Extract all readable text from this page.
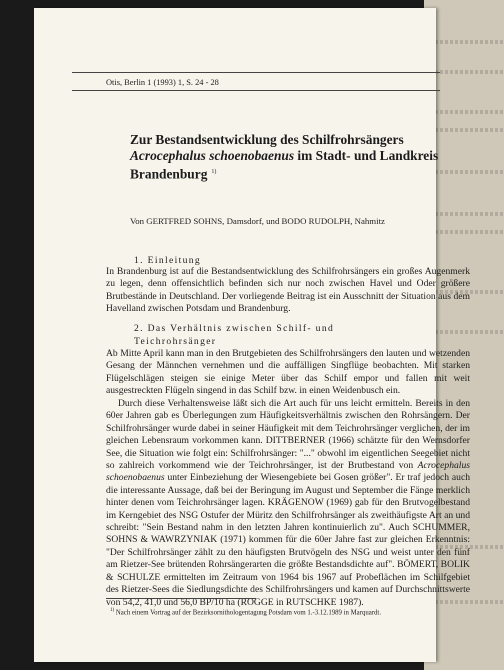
Otis, Berlin 1 (1993) 1, S. 24 - 28
Zur Bestandsentwicklung des Schilfrohrsängers
Acrocephalus schoenobaenus im Stadt- und Landkreis
Brandenburg $^{1)}$
Von GERTFRED SOHNS, Damsdorf, und BODO RUDOLPH, Nahmitz
1. Einleitung
In Brandenburg ist auf die Bestandsentwicklung des Schilfrohrsängers ein großes Augenmerk zu legen, denn offensichtlich befinden sich nur noch zwischen Havel und Oder größere Brutbestände in Deutschland. Der vorliegende Beitrag ist ein Ausschnitt der Situation aus dem Havelland zwischen Potsdam und Brandenburg.
2. Das Verhältnis zwischen Schilf- und Teichrohrsänger
Ab Mitte April kann man in den Brutgebieten des Schilfrohrsängers den lauten und wetzenden Gesang der Männchen vernehmen und die auffälligen Singflüge beobachten. Mit starken Flügelschlägen steigen sie einige Meter über das Schilf empor und fallen mit weit ausgestreckten Flügeln singend in das Schilf bzw. in einen Weidenbusch ein.
Durch diese Verhaltensweise läßt sich die Art auch für uns leicht ermitteln. Bereits in den 60er Jahren gab es Überlegungen zum Häufigkeitsverhältnis zwischen den Rohrsängern. Der Schilfrohrsänger wurde dabei in seiner Häufigkeit mit dem Teichrohrsänger verglichen, der im gleichen Lebensraum vorkommen kann. DITTBERNER (1966) schätzte für den Wernsdorfer See, die Situation wie folgt ein: Schilfrohrsänger: "..." obwohl im eigentlichen Seegebiet nicht so zahlreich vorkommend wie der Teichrohrsänger, ist der Brutbestand von Acrocephalus schoenobaenus unter Einbeziehung der Wiesengebiete bei Gosen größer". Er traf jedoch auch die interessante Aussage, daß bei der Beringung im August und September die Fänge merklich hinter denen vom Teichrohrsänger lagen. KRÄGENOW (1969) gab für den Brutvogelbestand im Kerngebiet des NSG Ostufer der Müritz den Schilfrohrsänger als zweithäufigste Art an und schreibt: "Sein Bestand nahm in den letzten Jahren kontinuierlich zu". Auch SCHUMMER, SOHNS & WAWRZYNIAK (1971) kommen für die 60er Jahre fast zur gleichen Erkenntnis: "Der Schilfrohrsänger zählt zu den häufigsten Brutvögeln des NSG und weist unter den fünf am Rietzer-See brütenden Rohrsängerarten die größte Bestandsdichte auf". BÖMERT, BOLIK & SCHULZE ermittelten im Zeitraum von 1964 bis 1967 auf Probeflächen im Schilfgebiet des Rietzer-Sees die Siedlungsdichte des Schilfrohrsängers und kamen auf Durchschnittswerte von 54,2, 41,0 und 56,0 BP/10 ha (ROGGE in RUTSCHKE 1987).
$^{1)}$ Nach einem Vortrag auf der Bezirksornithologentagung Potsdam vom 1.-3.12.1989 in Marquardt.
